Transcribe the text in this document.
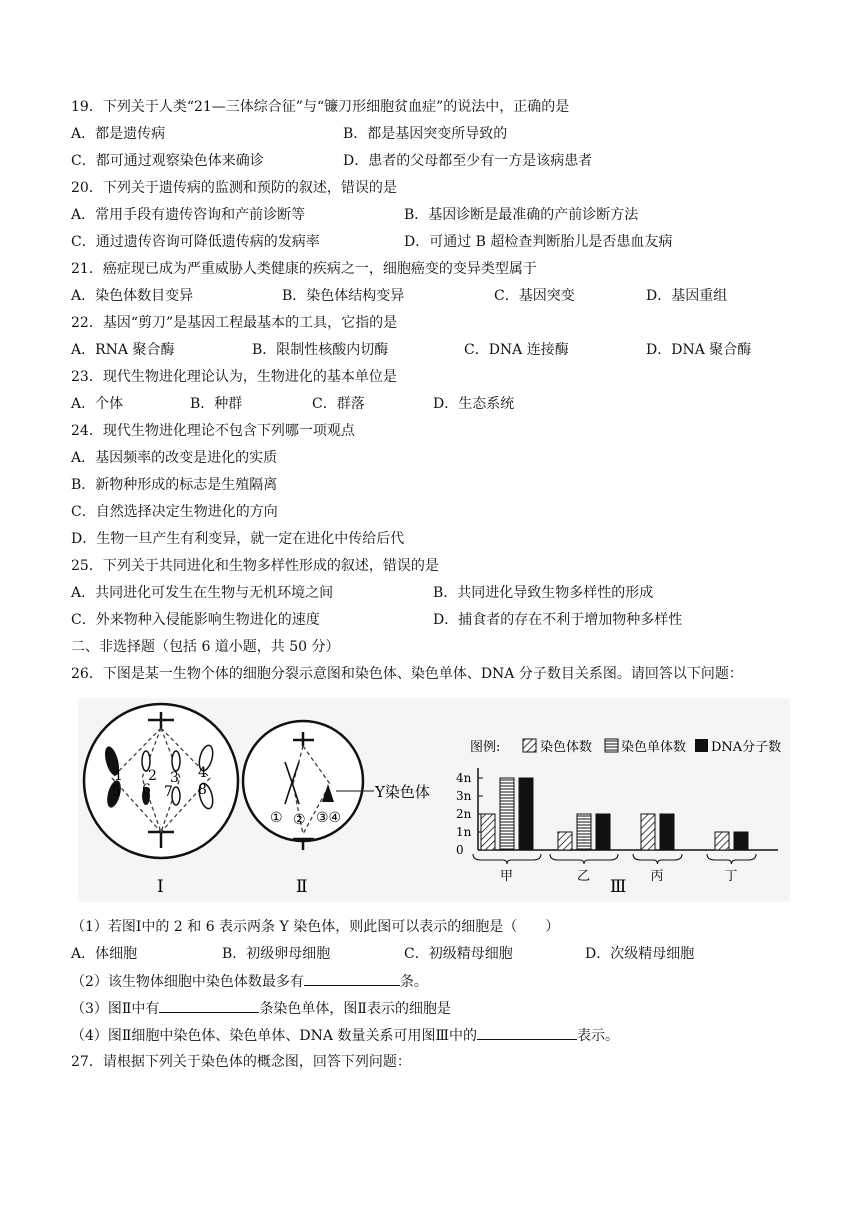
19．下列关于人类“21—三体综合征”与“镰刀形细胞贫血症”的说法中，正确的是
A．都是遗传病	B．都是基因突变所导致的
C．都可通过观察染色体来确诊	D．患者的父母都至少有一方是该病患者
20．下列关于遗传病的监测和预防的叙述，错误的是
A．常用手段有遗传咨询和产前诊断等	B．基因诊断是最准确的产前诊断方法
C．通过遗传咨询可降低遗传病的发病率	D．可通过 B 超检查判断胎儿是否患血友病
21．癌症现已成为严重威胁人类健康的疾病之一，细胞癌变的变异类型属于
A．染色体数目变异	B．染色体结构变异	C．基因突变	D．基因重组
22．基因“剪刀”是基因工程最基本的工具，它指的是
A．RNA 聚合酶	B．限制性核酸内切酶	C．DNA 连接酶	D．DNA 聚合酶
23．现代生物进化理论认为，生物进化的基本单位是
A．个体	B．种群	C．群落	D．生态系统
24．现代生物进化理论不包含下列哪一项观点
A．基因频率的改变是进化的实质
B．新物种形成的标志是生殖隔离
C．自然选择决定生物进化的方向
D．生物一旦产生有利变异，就一定在进化中传给后代
25．下列关于共同进化和生物多样性形成的叙述，错误的是
A．共同进化可发生在生物与无机环境之间	B．共同进化导致生物多样性的形成
C．外来物种入侵能影响生物进化的速度	D．捕食者的存在不利于增加物种多样性
二、非选择题（包括 6 道小题，共 50 分）
26．下图是某一生物个体的细胞分裂示意图和染色体、染色单体、DNA 分子数目关系图。请回答以下问题：
1 2 3 4
5 6 7 8
Ⅰ
Y染色体
① ② ③④
Ⅱ
图例:	染色体数 染色单体数 DNA分子数
0
1n
2n
3n
4n
甲	乙	丙	丁
Ⅲ
（1）若图Ⅰ中的 2 和 6 表示两条 Y 染色体，则此图可以表示的细胞是（　　）
A．体细胞	B．初级卵母细胞	C．初级精母细胞	D．次级精母细胞
（2）该生物体细胞中染色体数最多有	条。
（3）图Ⅱ中有	条染色单体，图Ⅱ表示的细胞是
（4）图Ⅱ细胞中染色体、染色单体、DNA 数量关系可用图Ⅲ中的	表示。
27．请根据下列关于染色体的概念图，回答下列问题：
